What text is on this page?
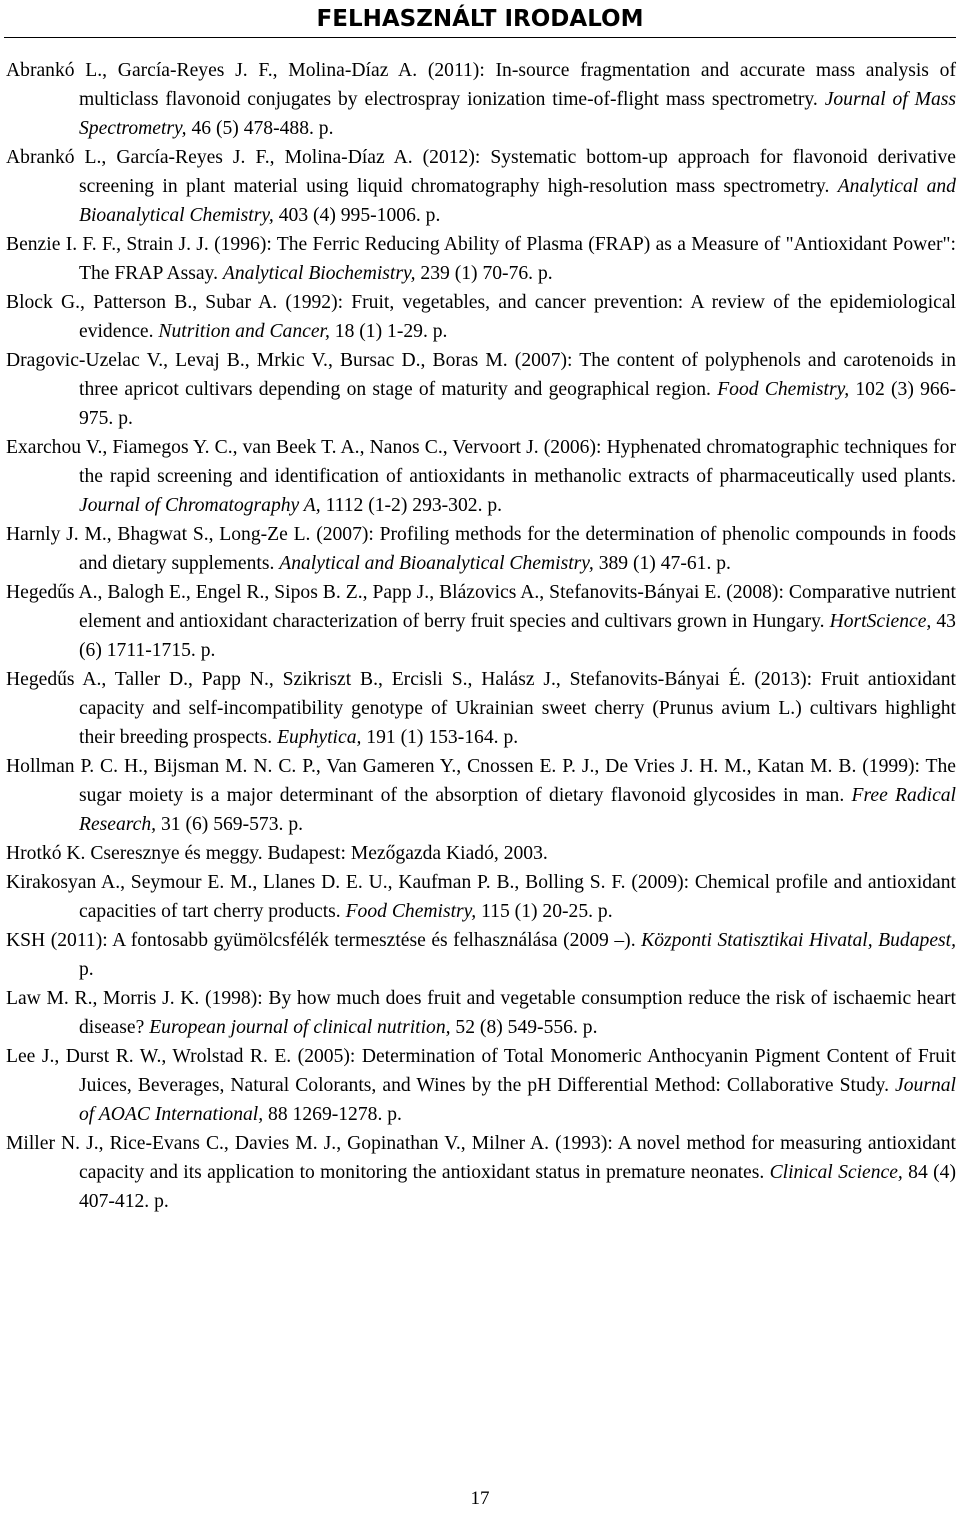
FELHASZNÁLT IRODALOM
Abrankó L., García-Reyes J. F., Molina-Díaz A. (2011): In-source fragmentation and accurate mass analysis of multiclass flavonoid conjugates by electrospray ionization time-of-flight mass spectrometry. Journal of Mass Spectrometry, 46 (5) 478-488. p.
Abrankó L., García-Reyes J. F., Molina-Díaz A. (2012): Systematic bottom-up approach for flavonoid derivative screening in plant material using liquid chromatography high-resolution mass spectrometry. Analytical and Bioanalytical Chemistry, 403 (4) 995-1006. p.
Benzie I. F. F., Strain J. J. (1996): The Ferric Reducing Ability of Plasma (FRAP) as a Measure of "Antioxidant Power": The FRAP Assay. Analytical Biochemistry, 239 (1) 70-76. p.
Block G., Patterson B., Subar A. (1992): Fruit, vegetables, and cancer prevention: A review of the epidemiological evidence. Nutrition and Cancer, 18 (1) 1-29. p.
Dragovic-Uzelac V., Levaj B., Mrkic V., Bursac D., Boras M. (2007): The content of polyphenols and carotenoids in three apricot cultivars depending on stage of maturity and geographical region. Food Chemistry, 102 (3) 966-975. p.
Exarchou V., Fiamegos Y. C., van Beek T. A., Nanos C., Vervoort J. (2006): Hyphenated chromatographic techniques for the rapid screening and identification of antioxidants in methanolic extracts of pharmaceutically used plants. Journal of Chromatography A, 1112 (1-2) 293-302. p.
Harnly J. M., Bhagwat S., Long-Ze L. (2007): Profiling methods for the determination of phenolic compounds in foods and dietary supplements. Analytical and Bioanalytical Chemistry, 389 (1) 47-61. p.
Hegedűs A., Balogh E., Engel R., Sipos B. Z., Papp J., Blázovics A., Stefanovits-Bányai E. (2008): Comparative nutrient element and antioxidant characterization of berry fruit species and cultivars grown in Hungary. HortScience, 43 (6) 1711-1715. p.
Hegedűs A., Taller D., Papp N., Szikriszt B., Ercisli S., Halász J., Stefanovits-Bányai É. (2013): Fruit antioxidant capacity and self-incompatibility genotype of Ukrainian sweet cherry (Prunus avium L.) cultivars highlight their breeding prospects. Euphytica, 191 (1) 153-164. p.
Hollman P. C. H., Bijsman M. N. C. P., Van Gameren Y., Cnossen E. P. J., De Vries J. H. M., Katan M. B. (1999): The sugar moiety is a major determinant of the absorption of dietary flavonoid glycosides in man. Free Radical Research, 31 (6) 569-573. p.
Hrotkó K. Cseresznye és meggy. Budapest: Mezőgazda Kiadó, 2003.
Kirakosyan A., Seymour E. M., Llanes D. E. U., Kaufman P. B., Bolling S. F. (2009): Chemical profile and antioxidant capacities of tart cherry products. Food Chemistry, 115 (1) 20-25. p.
KSH (2011): A fontosabb gyümölcsfélék termesztése és felhasználása (2009 –). Központi Statisztikai Hivatal, Budapest, p.
Law M. R., Morris J. K. (1998): By how much does fruit and vegetable consumption reduce the risk of ischaemic heart disease? European journal of clinical nutrition, 52 (8) 549-556. p.
Lee J., Durst R. W., Wrolstad R. E. (2005): Determination of Total Monomeric Anthocyanin Pigment Content of Fruit Juices, Beverages, Natural Colorants, and Wines by the pH Differential Method: Collaborative Study. Journal of AOAC International, 88 1269-1278. p.
Miller N. J., Rice-Evans C., Davies M. J., Gopinathan V., Milner A. (1993): A novel method for measuring antioxidant capacity and its application to monitoring the antioxidant status in premature neonates. Clinical Science, 84 (4) 407-412. p.
17
